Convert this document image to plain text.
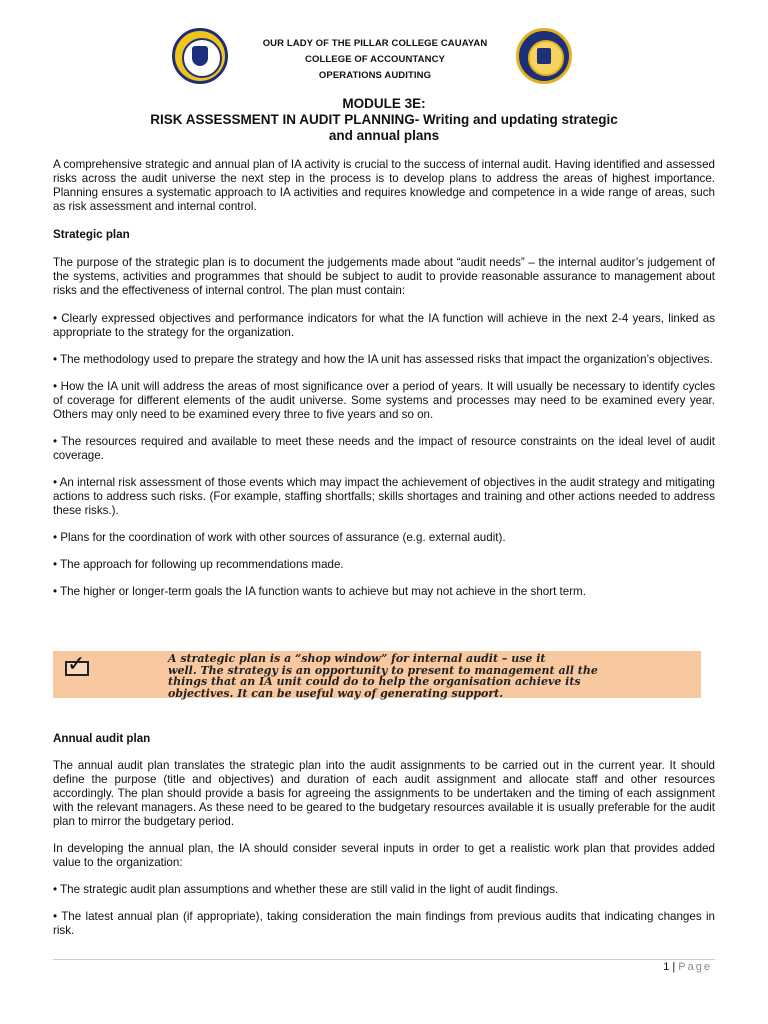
OUR LADY OF THE PILLAR COLLEGE CAUAYAN
COLLEGE OF ACCOUNTANCY
OPERATIONS AUDITING
MODULE 3E:
RISK ASSESSMENT IN AUDIT PLANNING- Writing and updating strategic
and annual plans

A comprehensive strategic and annual plan of IA activity is crucial to the success of internal audit. Having identified and assessed risks across the audit universe the next step in the process is to develop plans to address the areas of highest importance. Planning ensures a systematic approach to IA activities and requires knowledge and competence in a wide range of areas, such as risk assessment and internal control.

Strategic plan

The purpose of the strategic plan is to document the judgements made about “audit needs” – the internal auditor’s judgement of the systems, activities and programmes that should be subject to audit to provide reasonable assurance to management about risks and the effectiveness of internal control. The plan must contain:

• Clearly expressed objectives and performance indicators for what the IA function will achieve in the next 2-4 years, linked as appropriate to the strategy for the organization.

• The methodology used to prepare the strategy and how the IA unit has assessed risks that impact the organization’s objectives.

• How the IA unit will address the areas of most significance over a period of years. It will usually be necessary to identify cycles of coverage for different elements of the audit universe. Some systems and processes may need to be examined every year. Others may only need to be examined every three to five years and so on.

• The resources required and available to meet these needs and the impact of resource constraints on the ideal level of audit coverage.

• An internal risk assessment of those events which may impact the achievement of objectives in the audit strategy and mitigating actions to address such risks. (For example, staffing shortfalls; skills shortages and training and other actions needed to address these risks.).

• Plans for the coordination of work with other sources of assurance (e.g. external audit).

• The approach for following up recommendations made.

• The higher or longer-term goals the IA function wants to achieve but may not achieve in the short term.

✓	A strategic plan is a “shop window” for internal audit – use it
well. The strategy is an opportunity to present to management all the
things that an IA unit could do to help the organisation achieve its
objectives. It can be useful way of generating support.

Annual audit plan

The annual audit plan translates the strategic plan into the audit assignments to be carried out in the current year. It should define the purpose (title and objectives) and duration of each audit assignment and allocate staff and other resources accordingly. The plan should provide a basis for agreeing the assignments to be undertaken and the timing of each assignment with the relevant managers. As these need to be geared to the budgetary resources available it is usually preferable for the audit plan to mirror the budgetary period.

In developing the annual plan, the IA should consider several inputs in order to get a realistic work plan that provides added value to the organization:

• The strategic audit plan assumptions and whether these are still valid in the light of audit findings.

• The latest annual plan (if appropriate), taking consideration the main findings from previous audits that indicating changes in risk.

1 | Page
